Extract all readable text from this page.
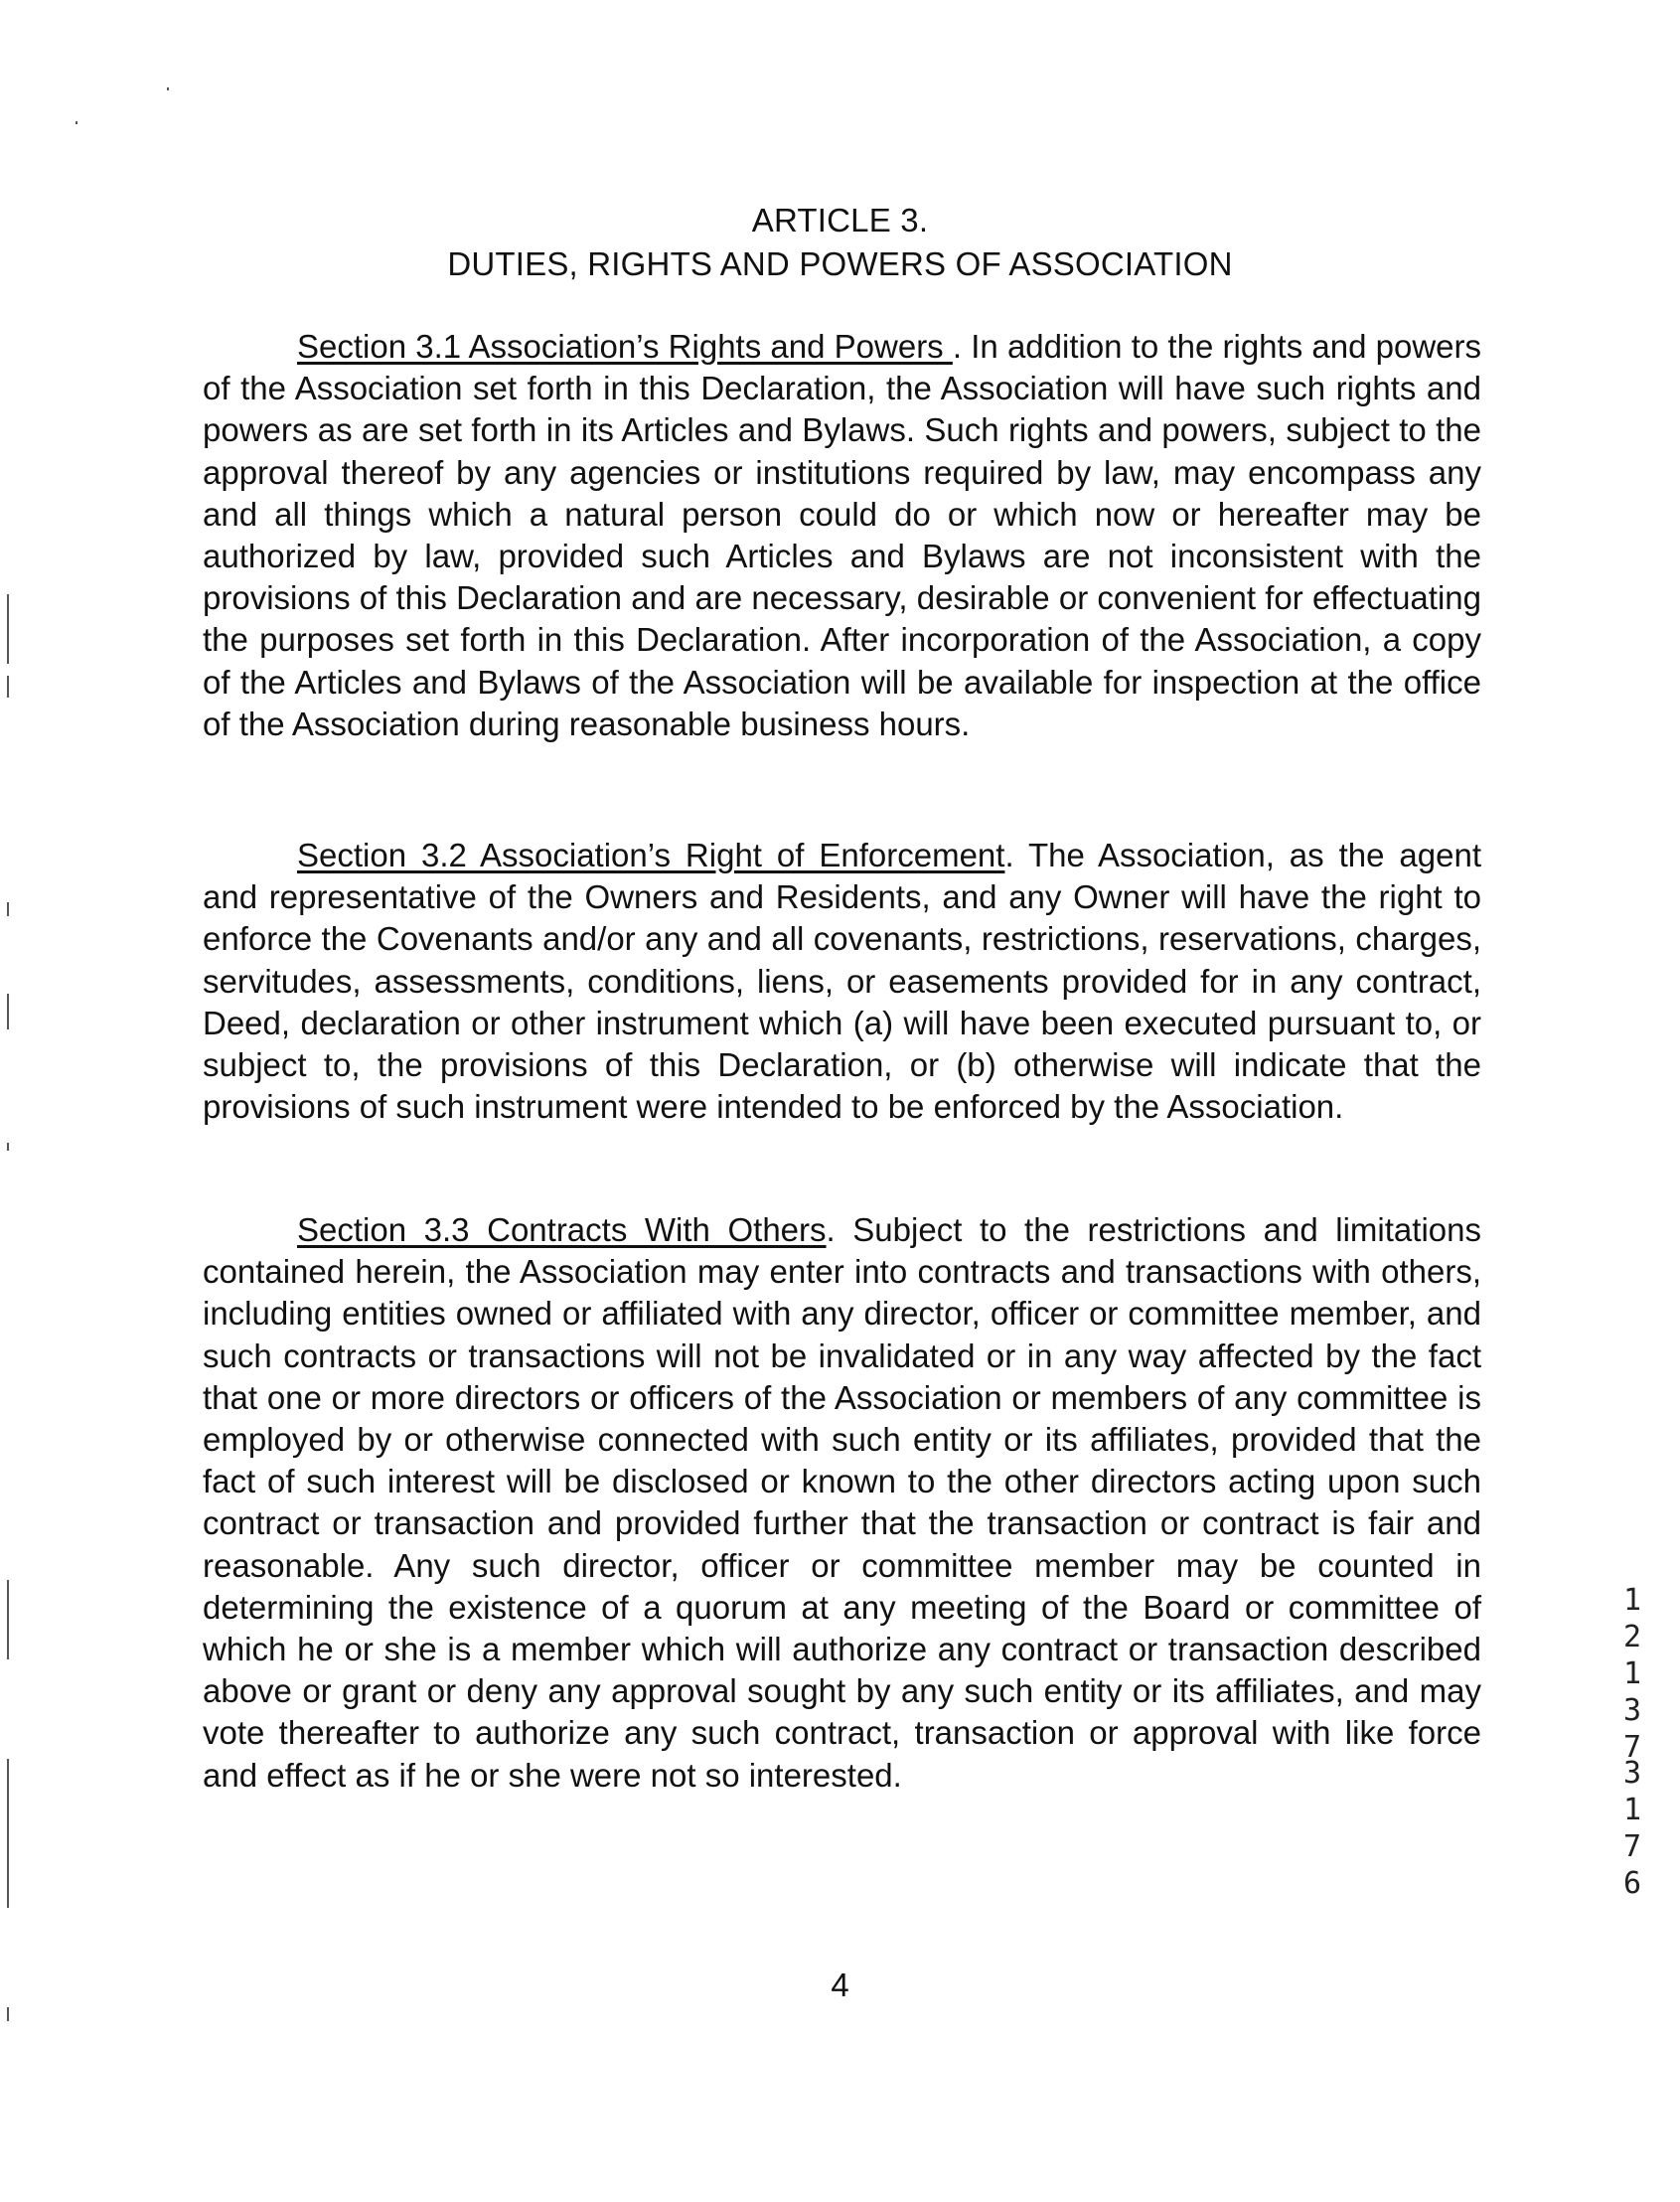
ARTICLE 3.
DUTIES, RIGHTS AND POWERS OF ASSOCIATION

Section 3.1 Association’s Rights and Powers . In addition to the rights and powers of the Association set forth in this Declaration, the Association will have such rights and powers as are set forth in its Articles and Bylaws. Such rights and powers, subject to the approval thereof by any agencies or institutions required by law, may encompass any and all things which a natural person could do or which now or hereafter may be authorized by law, provided such Articles and Bylaws are not inconsistent with the provisions of this Declaration and are necessary, desirable or convenient for effectuating the purposes set forth in this Declaration. After incorporation of the Association, a copy of the Articles and Bylaws of the Association will be available for inspection at the office of the Association during reasonable business hours.

Section 3.2 Association’s Right of Enforcement. The Association, as the agent and representative of the Owners and Residents, and any Owner will have the right to enforce the Covenants and/or any and all covenants, restrictions, reservations, charges, servitudes, assessments, conditions, liens, or easements provided for in any contract, Deed, declaration or other instrument which (a) will have been executed pursuant to, or subject to, the provisions of this Declaration, or (b) otherwise will indicate that the provisions of such instrument were intended to be enforced by the Association.

Section 3.3 Contracts With Others. Subject to the restrictions and limitations contained herein, the Association may enter into contracts and transactions with others, including entities owned or affiliated with any director, officer or committee member, and such contracts or transactions will not be invalidated or in any way affected by the fact that one or more directors or officers of the Association or members of any committee is employed by or otherwise connected with such entity or its affiliates, provided that the fact of such interest will be disclosed or known to the other directors acting upon such contract or transaction and provided further that the transaction or contract is fair and reasonable. Any such director, officer or committee member may be counted in determining the existence of a quorum at any meeting of the Board or committee of which he or she is a member which will authorize any contract or transaction described above or grant or deny any approval sought by any such entity or its affiliates, and may vote thereafter to authorize any such contract, transaction or approval with like force and effect as if he or she were not so interested.

4
1
2
1
3
7
3
1
7
6
